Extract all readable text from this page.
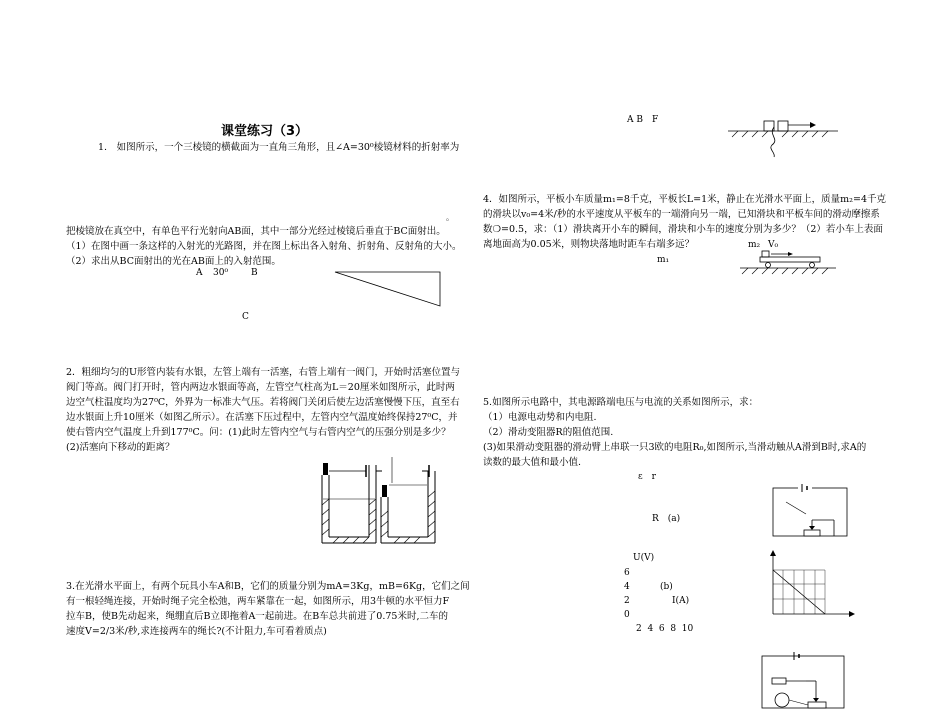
课堂练习（3）
1.　如图所示，一个三棱镜的横截面为一直角三角形，且∠A=30⁰棱镜材料的折射率为
。
把棱镜放在真空中，有单色平行光射向AB面，其中一部分光经过棱镜后垂直于BC面射出。
（1）在图中画一条这样的入射光的光路图，并在图上标出各入射角、折射角、反射角的大小。
（2）求出从BC面射出的光在AB面上的入射范围。
A 30⁰	B
C
2．粗细均匀的U形管内装有水银，左管上端有一活塞，右管上端有一阀门，开始时活塞位置与
阀门等高。阀门打开时，管内两边水银面等高，左管空气柱高为L＝20厘米如图所示，此时两
边空气柱温度均为27⁰C，外界为一标准大气压。若将阀门关闭后使左边活塞慢慢下压，直至右
边水银面上升10厘米（如图乙所示）。在活塞下压过程中，左管内空气温度始终保持27⁰C，并
使右管内空气温度上升到177⁰C。问：(1)此时左管内空气与右管内空气的压强分别是多少？
(2)活塞向下移动的距离？
3.在光滑水平面上，有两个玩具小车A和B，它们的质量分别为mA=3Kg，mB=6Kg，它们之间
有一根轻绳连接，开始时绳子完全松弛，两车紧靠在一起，如图所示，用3牛顿的水平恒力F
拉车B，使B先动起来，绳绷直后B立即拖着A一起前进。在B车总共前进了0.75米时,二车的
速度V=2/3米/秒,求连接两车的绳长?(不计阻力,车可看着质点)
A B　F
4．如图所示，平板小车质量m₁=8千克，平板长L=1米，静止在光滑水平面上，质量m₂=4千克
的滑块以v₀=4米/秒的水平速度从平板车的一端滑向另一端，已知滑块和平板车间的滑动摩擦系
数❍=0.5，求：（1）滑块离开小车的瞬间，滑块和小车的速度分别为多少？（2）若小车上表面
离地面高为0.05米，则物块落地时距车右端多远？	m₂ V₀
m₁
5.如图所示电路中，其电源路端电压与电流的关系如图所示，求：
（1）电源电动势和内电阻.
（2）滑动变阻器R的阻值范围.
(3)如果滑动变阻器的滑动臂上串联一只3欧的电阻R₀,如图所示,当滑动触从A滑到B时,求A的
读数的最大值和最小值.
ε　r
R　(a)
U(V)
6
4	(b)
2	I(A)
0
2  4  6  8  10
